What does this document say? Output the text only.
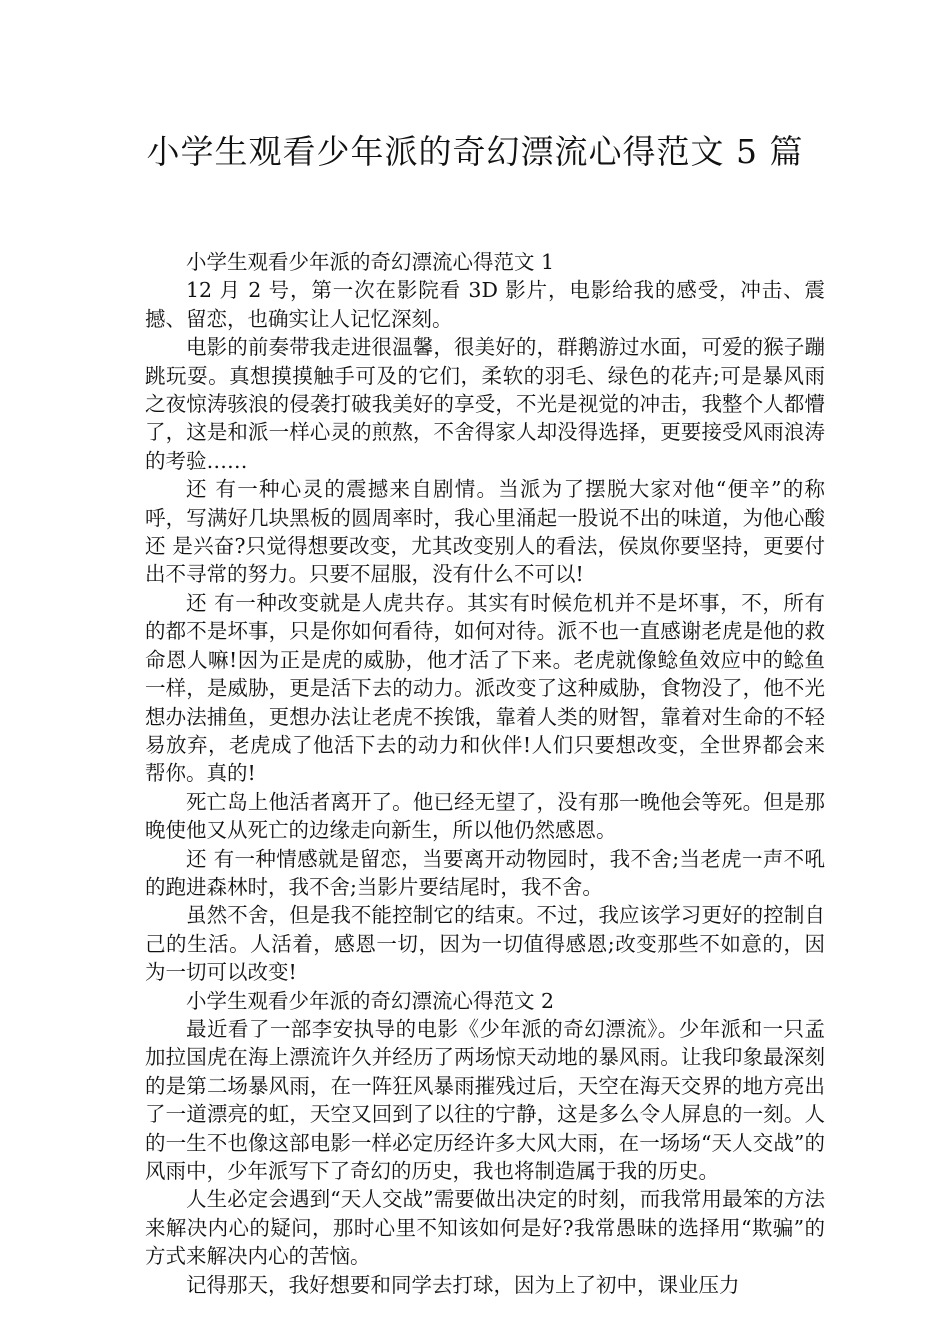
小学生观看少年派的奇幻漂流心得范文 5 篇

小学生观看少年派的奇幻漂流心得范文 1

12 月 2 号，第一次在影院看 3D 影片，电影给我的感受，冲击、震撼、留恋，也确实让人记忆深刻。

电影的前奏带我走进很温馨，很美好的，群鹅游过水面，可爱的猴子蹦跳玩耍。真想摸摸触手可及的它们，柔软的羽毛、绿色的花卉;可是暴风雨之夜惊涛骇浪的侵袭打破我美好的享受，不光是视觉的冲击，我整个人都懵了，这是和派一样心灵的煎熬，不舍得家人却没得选择，更要接受风雨浪涛的考验……

还 有一种心灵的震撼来自剧情。当派为了摆脱大家对他“便辛”的称呼，写满好几块黑板的圆周率时，我心里涌起一股说不出的味道，为他心酸还 是兴奋?只觉得想要改变，尤其改变别人的看法，侯岚你要坚持，更要付出不寻常的努力。只要不屈服，没有什么不可以!

还 有一种改变就是人虎共存。其实有时候危机并不是坏事，不，所有的都不是坏事，只是你如何看待，如何对待。派不也一直感谢老虎是他的救命恩人嘛!因为正是虎的威胁，他才活了下来。老虎就像鲶鱼效应中的鲶鱼一样，是威胁，更是活下去的动力。派改变了这种威胁，食物没了，他不光想办法捕鱼，更想办法让老虎不挨饿，靠着人类的财智，靠着对生命的不轻易放弃，老虎成了他活下去的动力和伙伴!人们只要想改变，全世界都会来帮你。真的!

死亡岛上他活者离开了。他已经无望了，没有那一晚他会等死。但是那晚使他又从死亡的边缘走向新生，所以他仍然感恩。

还 有一种情感就是留恋，当要离开动物园时，我不舍;当老虎一声不吼的跑进森林时，我不舍;当影片要结尾时，我不舍。

虽然不舍，但是我不能控制它的结束。不过，我应该学习更好的控制自己的生活。人活着，感恩一切，因为一切值得感恩;改变那些不如意的，因为一切可以改变!

小学生观看少年派的奇幻漂流心得范文 2

最近看了一部李安执导的电影《少年派的奇幻漂流》。少年派和一只孟加拉国虎在海上漂流许久并经历了两场惊天动地的暴风雨。让我印象最深刻的是第二场暴风雨，在一阵狂风暴雨摧残过后，天空在海天交界的地方亮出了一道漂亮的虹，天空又回到了以往的宁静，这是多么令人屏息的一刻。人的一生不也像这部电影一样必定历经许多大风大雨，在一场场“天人交战”的风雨中，少年派写下了奇幻的历史，我也将制造属于我的历史。

人生必定会遇到“天人交战”需要做出决定的时刻，而我常用最笨的方法来解决内心的疑问，那时心里不知该如何是好?我常愚昧的选择用“欺骗”的方式来解决内心的苦恼。

记得那天，我好想要和同学去打球，因为上了初中，课业压力
